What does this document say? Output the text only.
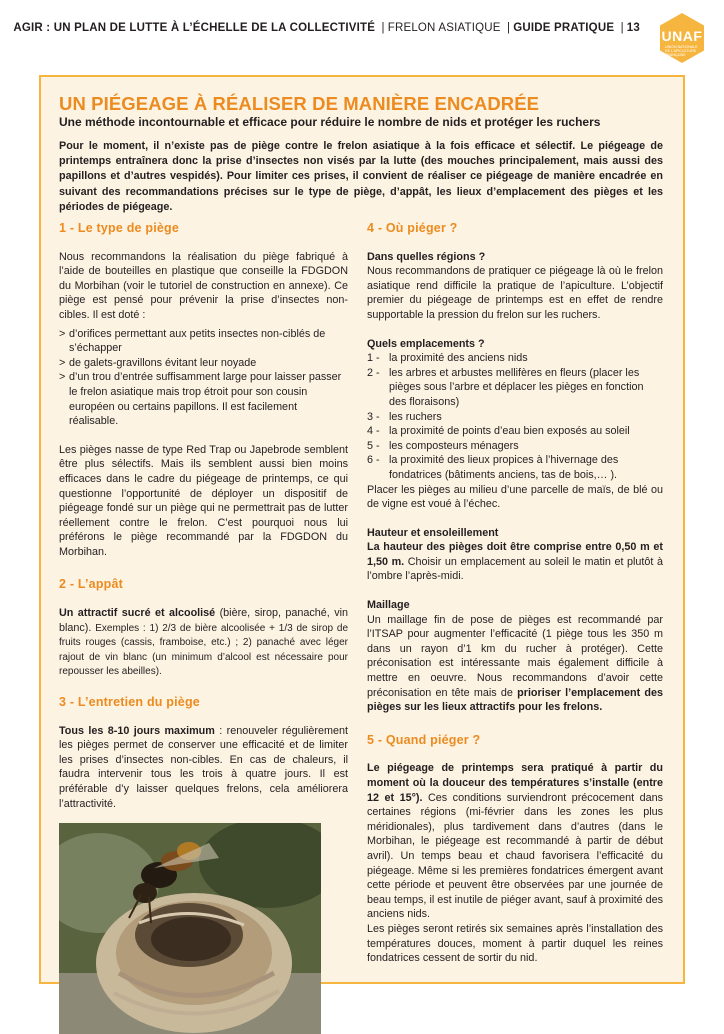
AGIR : UN PLAN DE LUTTE À L’ÉCHELLE DE LA COLLECTIVITÉ | FRELON ASIATIQUE | GUIDE PRATIQUE | 13	UNAF
UNION NATIONALE DE L’APICULTURE FRANÇAISE
UN PIÉGEAGE À RÉALISER DE MANIÈRE ENCADRÉE
Une méthode incontournable et efficace pour réduire le nombre de nids et protéger les ruchers
Pour le moment, il n’existe pas de piège contre le frelon asiatique à la fois efficace et sélectif. Le piégeage de printemps entraînera donc la prise d’insectes non visés par la lutte (des mouches principalement, mais aussi des papillons et d’autres vespidés). Pour limiter ces prises, il convient de réaliser ce piégeage de manière encadrée en suivant des recommandations précises sur le type de piège, d’appât, les lieux d’emplacement des pièges et les périodes de piégeage.
1 - Le type de piège

Nous recommandons la réalisation du piège fabriqué à l’aide de bouteilles en plastique que conseille la FDGDON du Morbihan (voir le tutoriel de construction en annexe). Ce piège est pensé pour prévenir la prise d’insectes non- cibles. Il est doté :

> d’orifices permettant aux petits insectes non-ciblés de s’échapper
> de galets-gravillons évitant leur noyade
> d’un trou d’entrée suffisamment large pour laisser passer le frelon asiatique mais trop étroit pour son cousin européen ou certains papillons. Il est facilement réalisable.

Les pièges nasse de type Red Trap ou Japebrode semblent être plus sélectifs. Mais ils semblent aussi bien moins efficaces dans le cadre du piégeage de printemps, ce qui questionne l’opportunité de déployer un dispositif de piégeage fondé sur un piège qui ne permettrait pas de lutter réellement contre le frelon. C’est pourquoi nous lui préférons le piège recommandé par la FDGDON du Morbihan.

2 - L’appât

Un attractif sucré et alcoolisé (bière, sirop, panaché, vin blanc). Exemples : 1) 2/3 de bière alcoolisée + 1/3 de sirop de fruits rouges (cassis, framboise, etc.) ; 2) panaché avec léger rajout de vin blanc (un minimum d’alcool est nécessaire pour repousser les abeilles).

3 - L’entretien du piège

Tous les 8-10 jours maximum : renouveler régulièrement les pièges permet de conserver une efficacité et de limiter les prises d’insectes non-cibles. En cas de chaleurs, il faudra intervenir tous les trois à quatre jours. Il est préférable d’y laisser quelques frelons, cela améliorera l’attractivité.

4 - Où piéger ?

Dans quelles régions ?

Nous recommandons de pratiquer ce piégeage là où le frelon asiatique rend difficile la pratique de l’apiculture. L’objectif premier du piégeage de printemps est en effet de rendre supportable la pression du frelon sur les ruchers.

Quels emplacements ?

1 - la proximité des anciens nids
2 - les arbres et arbustes mellifères en fleurs (placer les pièges sous l’arbre et déplacer les pièges en fonction des floraisons)
3 - les ruchers
4 - la proximité de points d’eau bien exposés au soleil
5 - les composteurs ménagers
6 - la proximité des lieux propices à l’hivernage des fondatrices (bâtiments anciens, tas de bois,… ).

Placer les pièges au milieu d’une parcelle de maïs, de blé ou de vigne est voué à l’échec.

Hauteur et ensoleillement

La hauteur des pièges doit être comprise entre 0,50 m et 1,50 m. Choisir un emplacement au soleil le matin et plutôt à l’ombre l’après-midi.

Maillage

Un maillage fin de pose de pièges est recommandé par l’ITSAP pour augmenter l’efficacité (1 piège tous les 350 m dans un rayon d’1 km du rucher à protéger). Cette préconisation est intéressante mais également difficile à mettre en oeuvre. Nous recommandons d’avoir cette préconisation en tête mais de prioriser l’emplacement des pièges sur les lieux attractifs pour les frelons.

5 - Quand piéger ?

Le piégeage de printemps sera pratiqué à partir du moment où la douceur des températures s’installe (entre 12 et 15°). Ces conditions surviendront précocement dans certaines régions (mi-février dans les zones les plus méridionales), plus tardivement dans d’autres (dans le Morbihan, le piégeage est recommandé à partir de début avril). Un temps beau et chaud favorisera l’efficacité du piégeage. Même si les premières fondatrices émergent avant cette période et peuvent être observées par une journée de beau temps, il est inutile de piéger avant, sauf à proximité des anciens nids.

Les pièges seront retirés six semaines après l’installation des températures douces, moment à partir duquel les reines fondatrices cessent de sortir du nid.
